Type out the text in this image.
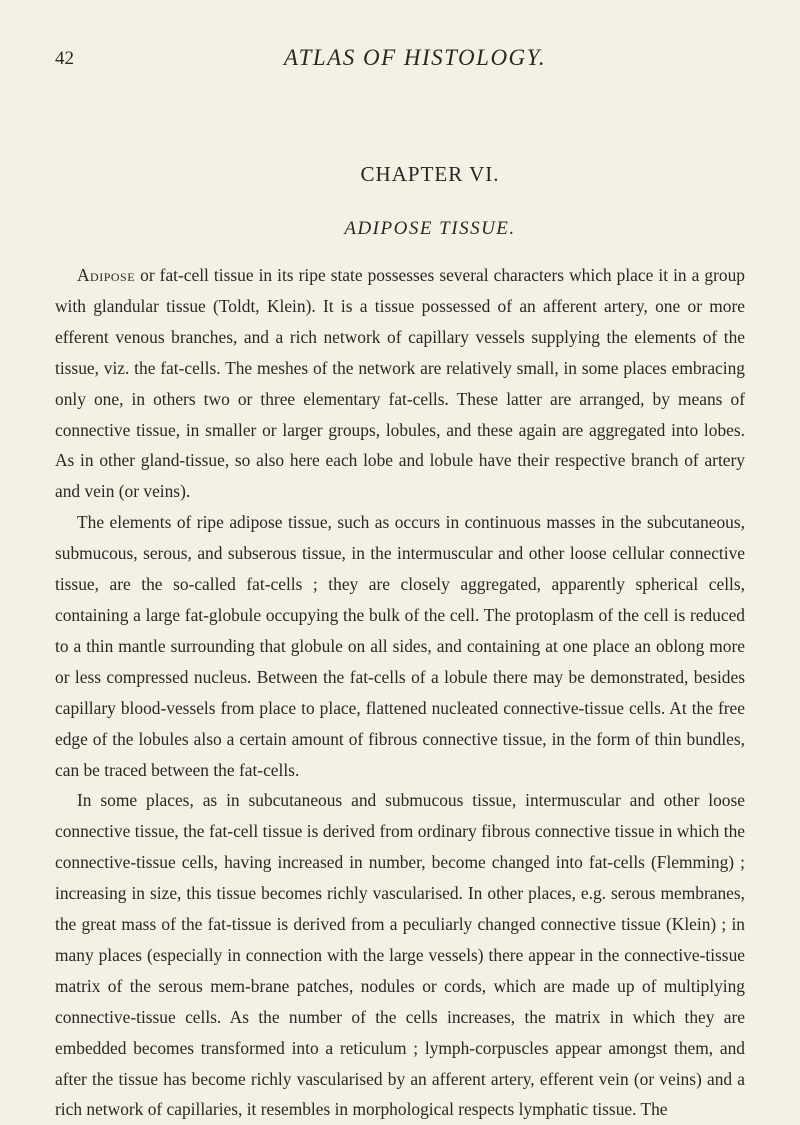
42	ATLAS OF HISTOLOGY.
CHAPTER VI.
ADIPOSE TISSUE.

Adipose or fat-cell tissue in its ripe state possesses several characters which place it in a group with glandular tissue (Toldt, Klein). It is a tissue possessed of an afferent artery, one or more efferent venous branches, and a rich network of capillary vessels supplying the elements of the tissue, viz. the fat-cells. The meshes of the network are relatively small, in some places embracing only one, in others two or three elementary fat-cells. These latter are arranged, by means of connective tissue, in smaller or larger groups, lobules, and these again are aggregated into lobes. As in other gland-tissue, so also here each lobe and lobule have their respective branch of artery and vein (or veins).

The elements of ripe adipose tissue, such as occurs in continuous masses in the subcutaneous, submucous, serous, and subserous tissue, in the intermuscular and other loose cellular connective tissue, are the so-called fat-cells ; they are closely aggregated, apparently spherical cells, containing a large fat-globule occupying the bulk of the cell. The protoplasm of the cell is reduced to a thin mantle surrounding that globule on all sides, and containing at one place an oblong more or less compressed nucleus. Between the fat-cells of a lobule there may be demonstrated, besides capillary blood-vessels from place to place, flattened nucleated connective-tissue cells. At the free edge of the lobules also a certain amount of fibrous connective tissue, in the form of thin bundles, can be traced between the fat-cells.

In some places, as in subcutaneous and submucous tissue, intermuscular and other loose connective tissue, the fat-cell tissue is derived from ordinary fibrous connective tissue in which the connective-tissue cells, having increased in number, become changed into fat-cells (Flemming) ; increasing in size, this tissue becomes richly vascularised. In other places, e.g. serous membranes, the great mass of the fat-tissue is derived from a peculiarly changed connective tissue (Klein) ; in many places (especially in connection with the large vessels) there appear in the connective-tissue matrix of the serous mem-brane patches, nodules or cords, which are made up of multiplying connective-tissue cells. As the number of the cells increases, the matrix in which they are embedded becomes transformed into a reticulum ; lymph-corpuscles appear amongst them, and after the tissue has become richly vascularised by an afferent artery, efferent vein (or veins) and a rich network of capillaries, it resembles in morphological respects lymphatic tissue. The
